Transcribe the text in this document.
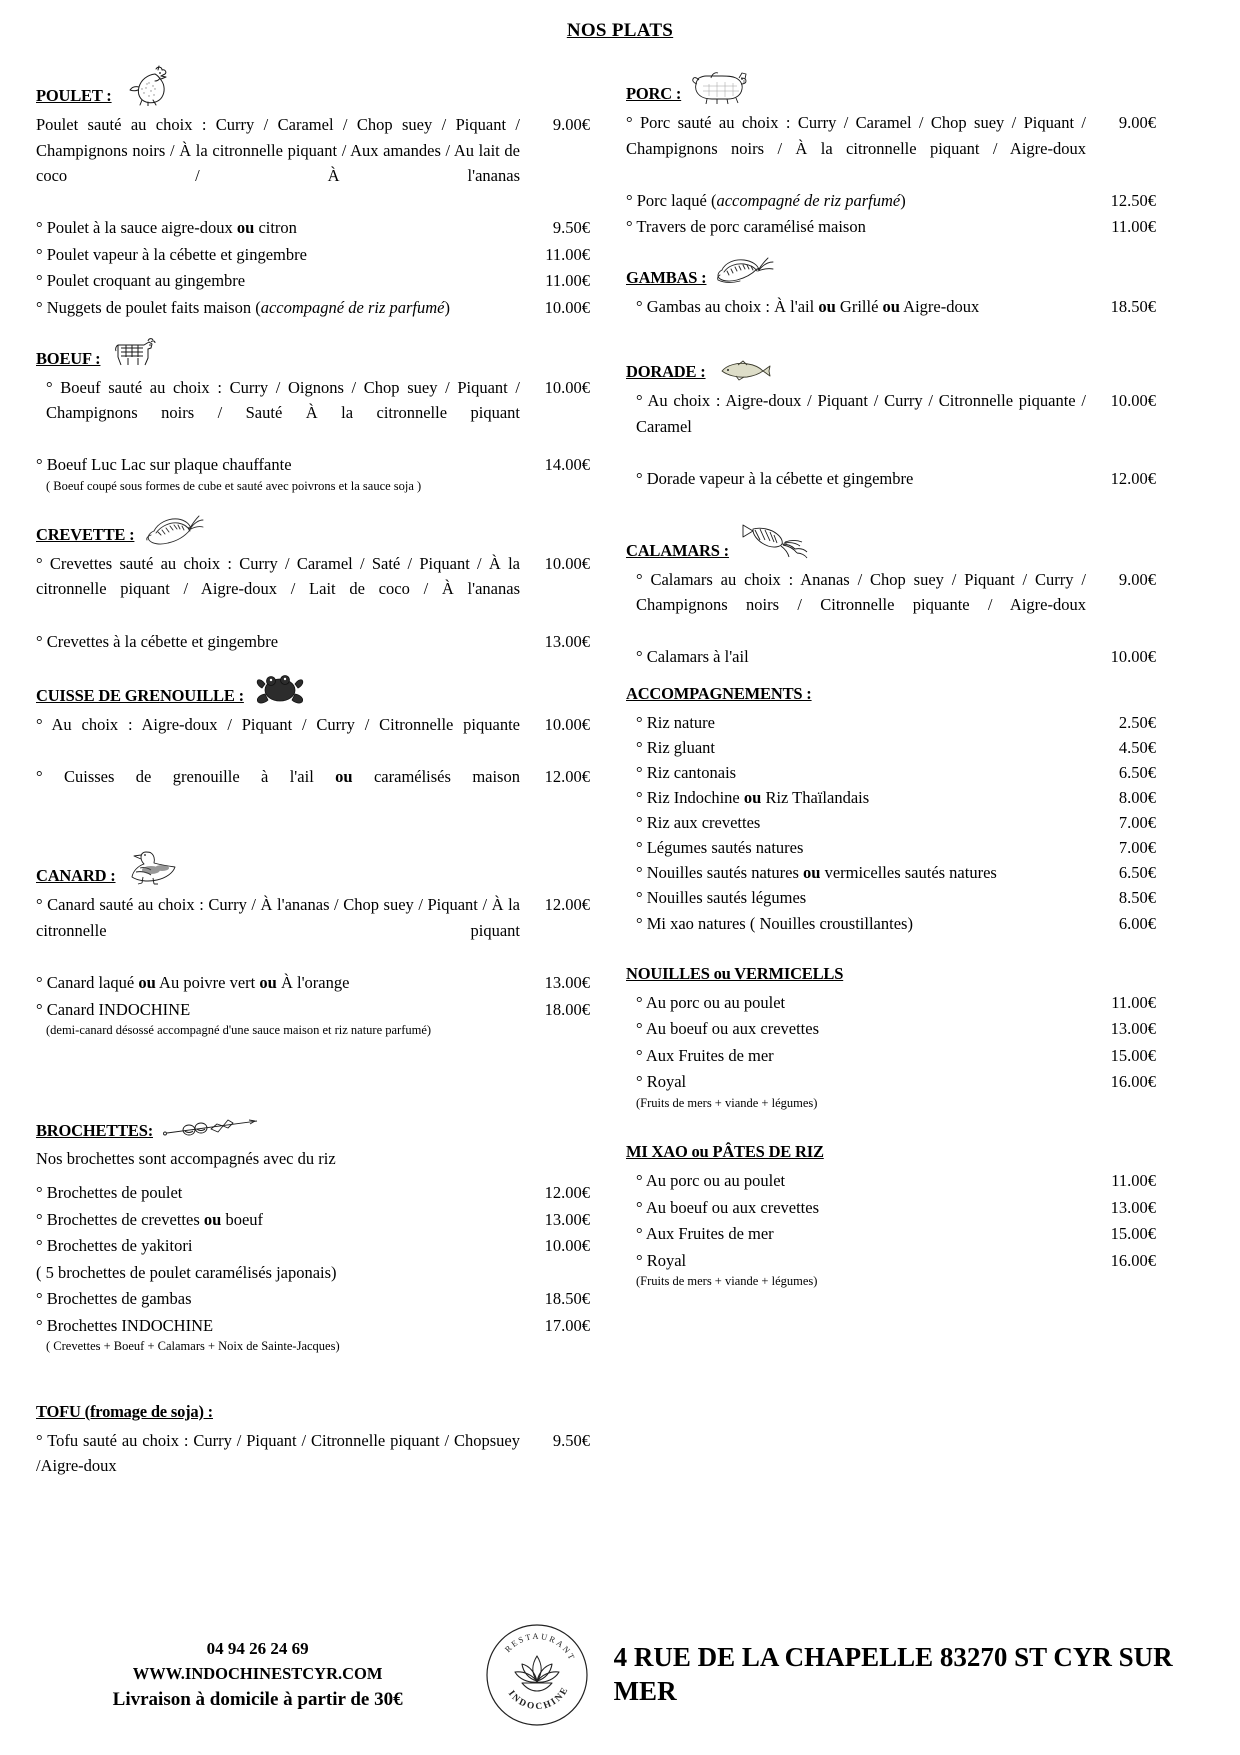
NOS PLATS
POULET :
Poulet sauté au choix : Curry / Caramel / Chop suey / Piquant / Champignons noirs / À la citronnelle piquant / Aux amandes / Au lait de coco / À l'ananas
9.00€
° Poulet à la sauce aigre-doux ou citron	9.50€
° Poulet vapeur à la cébette et gingembre	11.00€
° Poulet croquant au gingembre	11.00€
° Nuggets de poulet faits maison (accompagné de riz parfumé)	10.00€
BOEUF :
° Boeuf sauté au choix : Curry / Oignons / Chop suey / Piquant / Champignons noirs / Sauté À la citronnelle piquant
10.00€
° Boeuf Luc Lac sur plaque chauffante	14.00€
( Boeuf coupé sous formes de cube et sauté avec poivrons et la sauce soja )
CREVETTE :
° Crevettes sauté au choix : Curry / Caramel / Saté / Piquant / À la citronnelle piquant / Aigre-doux / Lait de coco / À l'ananas
10.00€
° Crevettes à la cébette et gingembre	13.00€
CUISSE DE GRENOUILLE :
° Au choix : Aigre-doux / Piquant / Curry / Citronnelle piquante	10.00€
° Cuisses de grenouille à l'ail ou caramélisés maison	12.00€
CANARD :
° Canard sauté au choix : Curry / À l'ananas / Chop suey / Piquant / À la citronnelle piquant
12.00€
° Canard laqué ou Au poivre vert ou À l'orange	13.00€
° Canard INDOCHINE	18.00€
(demi-canard désossé accompagné d'une sauce maison et riz nature parfumé)
BROCHETTES:
Nos brochettes sont accompagnés avec du riz
° Brochettes de poulet	12.00€
° Brochettes de crevettes ou boeuf	13.00€
° Brochettes de yakitori	10.00€
( 5 brochettes de poulet caramélisés japonais)
° Brochettes de gambas	18.50€
° Brochettes INDOCHINE	17.00€
( Crevettes + Boeuf + Calamars + Noix de Sainte-Jacques)
TOFU (fromage de soja) :
° Tofu sauté au choix : Curry / Piquant / Citronnelle piquant / Chopsuey /Aigre-doux
9.50€
PORC :
° Porc sauté au choix : Curry / Caramel / Chop suey / Piquant / Champignons noirs / À la citronnelle piquant / Aigre-doux
9.00€
° Porc laqué (accompagné de riz parfumé)	12.50€
° Travers de porc caramélisé maison	11.00€
GAMBAS :
° Gambas au choix : À l'ail ou Grillé ou Aigre-doux	18.50€
DORADE :
° Au choix : Aigre-doux / Piquant / Curry / Citronnelle piquante / Caramel
10.00€
° Dorade vapeur à la cébette et gingembre	12.00€
CALAMARS :
° Calamars au choix : Ananas / Chop suey / Piquant / Curry / Champignons noirs / Citronnelle piquante / Aigre-doux
9.00€
° Calamars à l'ail	10.00€
ACCOMPAGNEMENTS :
° Riz nature	2.50€
° Riz gluant	4.50€
° Riz cantonais	6.50€
° Riz Indochine ou Riz Thaïlandais	8.00€
° Riz aux crevettes	7.00€
° Légumes sautés natures	7.00€
° Nouilles sautés natures ou vermicelles sautés natures	6.50€
° Nouilles sautés légumes	8.50€
° Mi xao natures ( Nouilles croustillantes)	6.00€
NOUILLES ou VERMICELLS
° Au porc ou au poulet	11.00€
° Au boeuf ou aux crevettes	13.00€
° Aux Fruites de mer	15.00€
° Royal	16.00€
(Fruits de mers + viande + légumes)
MI XAO ou PÂTES DE RIZ
° Au porc ou au poulet	11.00€
° Au boeuf ou aux crevettes	13.00€
° Aux Fruites de mer	15.00€
° Royal	16.00€
(Fruits de mers + viande + légumes)
04 94 26 24 69
WWW.INDOCHINESTCYR.COM
Livraison à domicile à partir de 30€
RESTAURANT
INDOCHINE
4 RUE DE LA CHAPELLE 83270 ST CYR SUR MER
